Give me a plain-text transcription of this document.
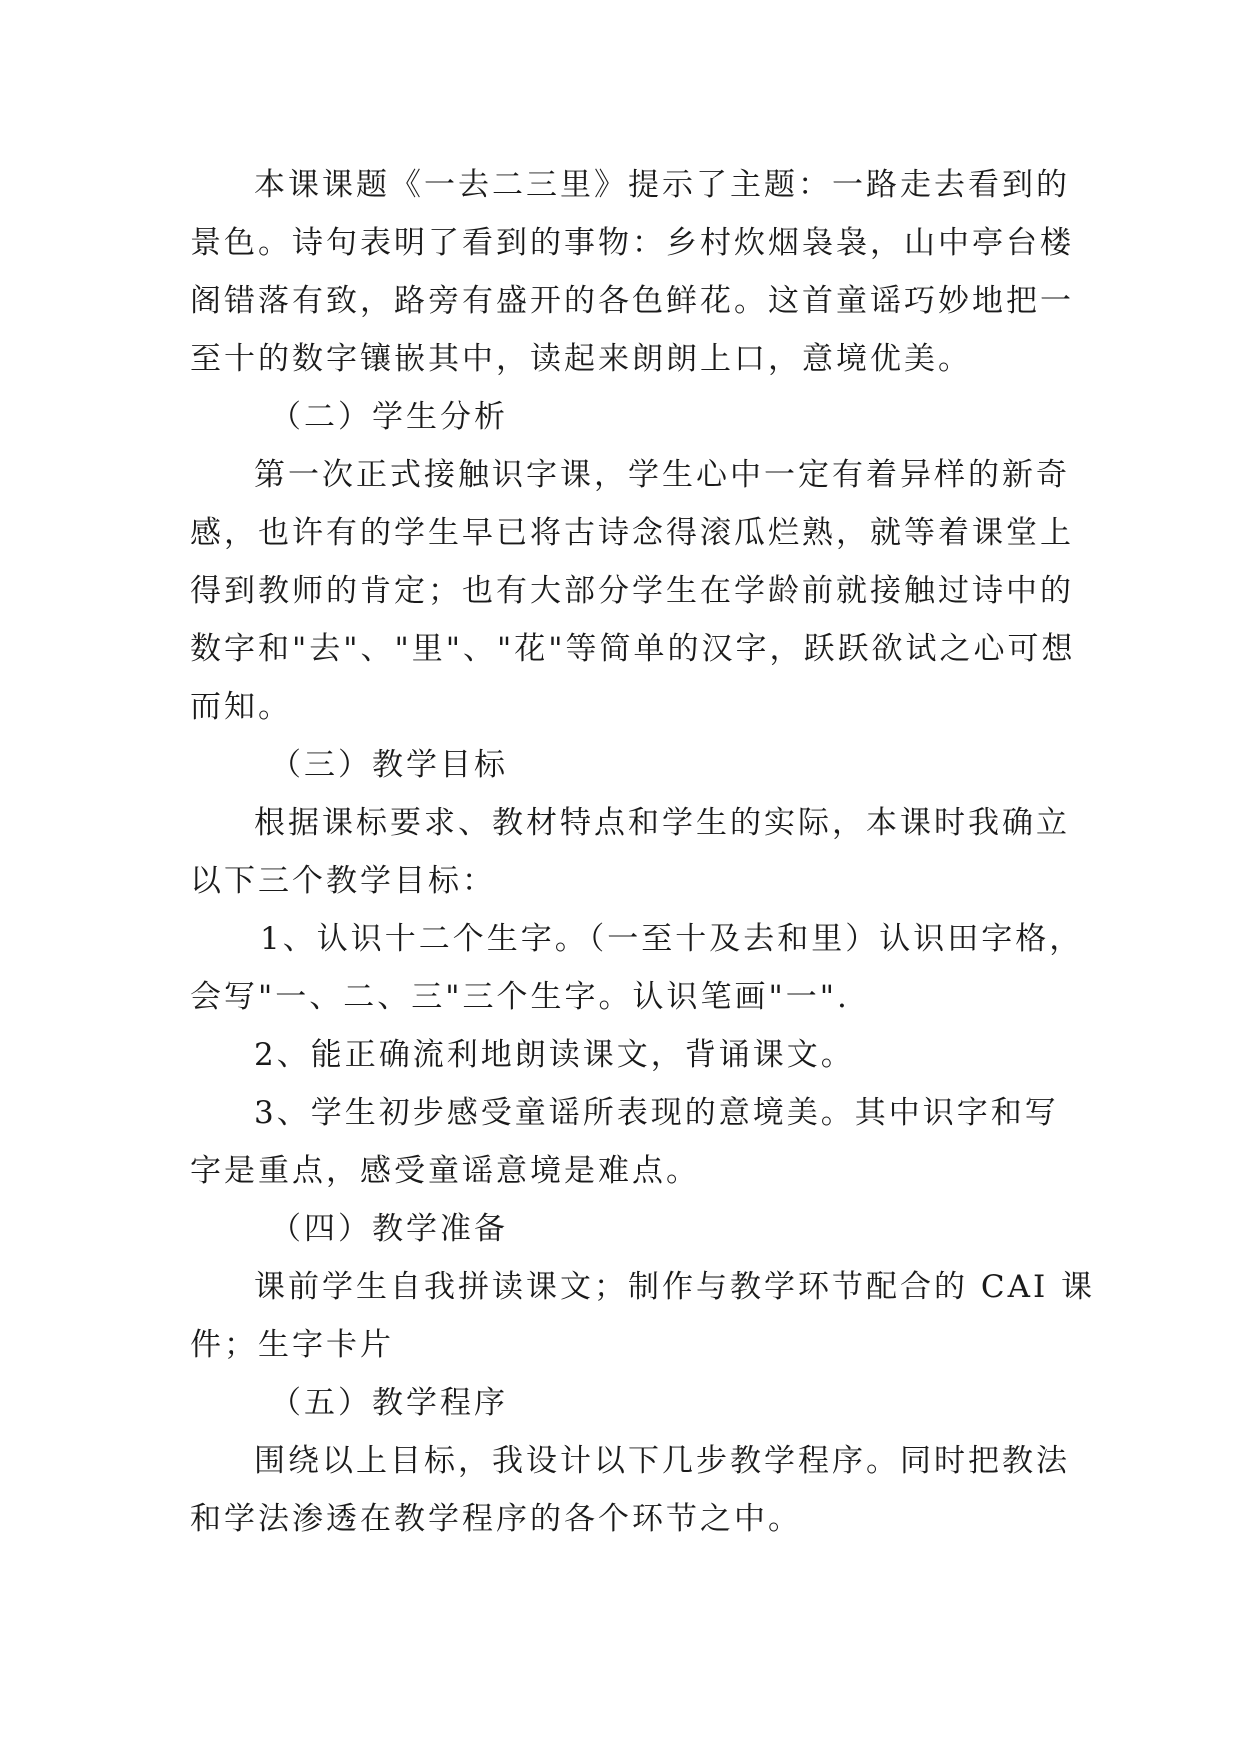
本课课题《一去二三里》提示了主题：一路走去看到的
景色。诗句表明了看到的事物：乡村炊烟袅袅，山中亭台楼
阁错落有致，路旁有盛开的各色鲜花。这首童谣巧妙地把一
至十的数字镶嵌其中，读起来朗朗上口，意境优美。
（二）学生分析
第一次正式接触识字课，学生心中一定有着异样的新奇
感，也许有的学生早已将古诗念得滚瓜烂熟，就等着课堂上
得到教师的肯定；也有大部分学生在学龄前就接触过诗中的
数字和"去"、"里"、"花"等简单的汉字，跃跃欲试之心可想
而知。
（三）教学目标
根据课标要求、教材特点和学生的实际，本课时我确立
以下三个教学目标：
1、认识十二个生字。（一至十及去和里）认识田字格，
会写"一、二、三"三个生字。认识笔画"一".
2、能正确流利地朗读课文，背诵课文。
3、学生初步感受童谣所表现的意境美。其中识字和写
字是重点，感受童谣意境是难点。
（四）教学准备
课前学生自我拼读课文；制作与教学环节配合的 CAI 课
件；生字卡片
（五）教学程序
围绕以上目标，我设计以下几步教学程序。同时把教法
和学法渗透在教学程序的各个环节之中。
